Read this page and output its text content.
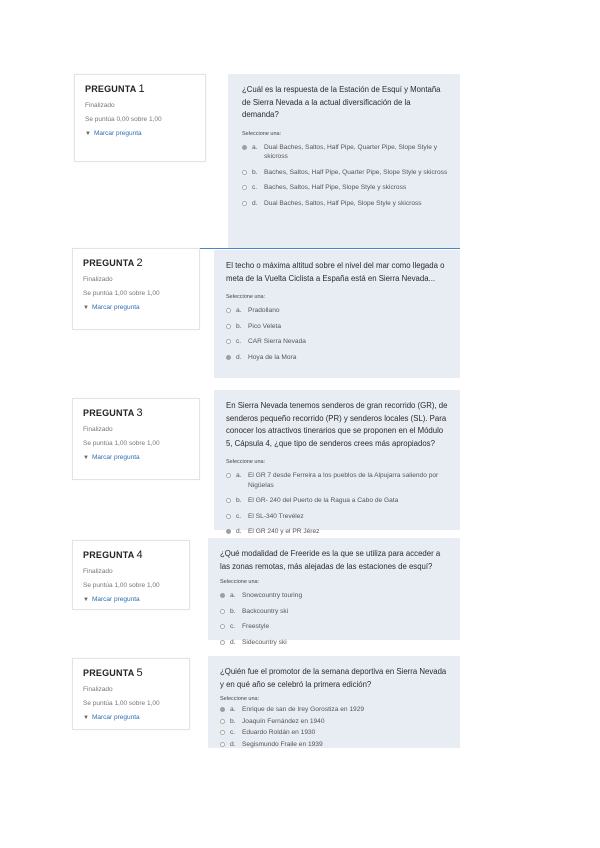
PREGUNTA 1
Finalizado
Se puntúa 0,00 sobre 1,00
▼ Marcar pregunta
¿Cuál es la respuesta de la Estación de Esquí y Montaña de Sierra Nevada a la actual diversificación de la demanda?
Seleccione una:
a. Dual Baches, Saltos, Half Pipe, Quarter Pipe, Slope Style y skicross
b. Baches, Saltos, Half Pipe, Quarter Pipe, Slope Style y skicross
c. Baches, Saltos, Half Pipe, Slope Style y skicross
d. Dual Baches, Saltos, Half Pipe, Slope Style y skicross
PREGUNTA 2
Finalizado
Se puntúa 1,00 sobre 1,00
▼ Marcar pregunta
El techo o máxima altitud sobre el nivel del mar como llegada o meta de la Vuelta Ciclista a España está en Sierra Nevada...
Seleccione una:
a. Pradollano
b. Pico Veleta
c. CAR Sierra Nevada
d. Hoya de la Mora
PREGUNTA 3
Finalizado
Se puntúa 1,00 sobre 1,00
▼ Marcar pregunta
En Sierra Nevada tenemos senderos de gran recorrido (GR), de senderos pequeño recorrido (PR) y senderos locales (SL). Para conocer los atractivos tinerarios que se proponen en el Módulo 5, Cápsula 4, ¿que tipo de senderos crees más apropiados?
Seleccione una:
a. El GR 7 desde Ferreira a los pueblos de la Alpujarra saliendo por Nigüelas
b. El GR- 240 del Puerto de la Ragua a Cabo de Gata
c. El SL-340 Trevélez
d. El GR 240 y el PR Jérez
PREGUNTA 4
Finalizado
Se puntúa 1,00 sobre 1,00
▼ Marcar pregunta
¿Qué modalidad de Freeride es la que se utiliza para acceder a las zonas remotas, más alejadas de las estaciones de esquí?
Seleccione una:
a. Snowcountry touring
b. Backcountry ski
c. Freestyle
d. Sidecountry ski
PREGUNTA 5
Finalizado
Se puntúa 1,00 sobre 1,00
▼ Marcar pregunta
¿Quién fue el promotor de la semana deportiva en Sierra Nevada y en qué año se celebró la primera edición?
Seleccione una:
a. Enrique de san de Irey Gorostiza en 1929
b. Joaquín Fernández en 1940
c. Eduardo Roldán en 1930
d. Segismundo Fraile en 1939
